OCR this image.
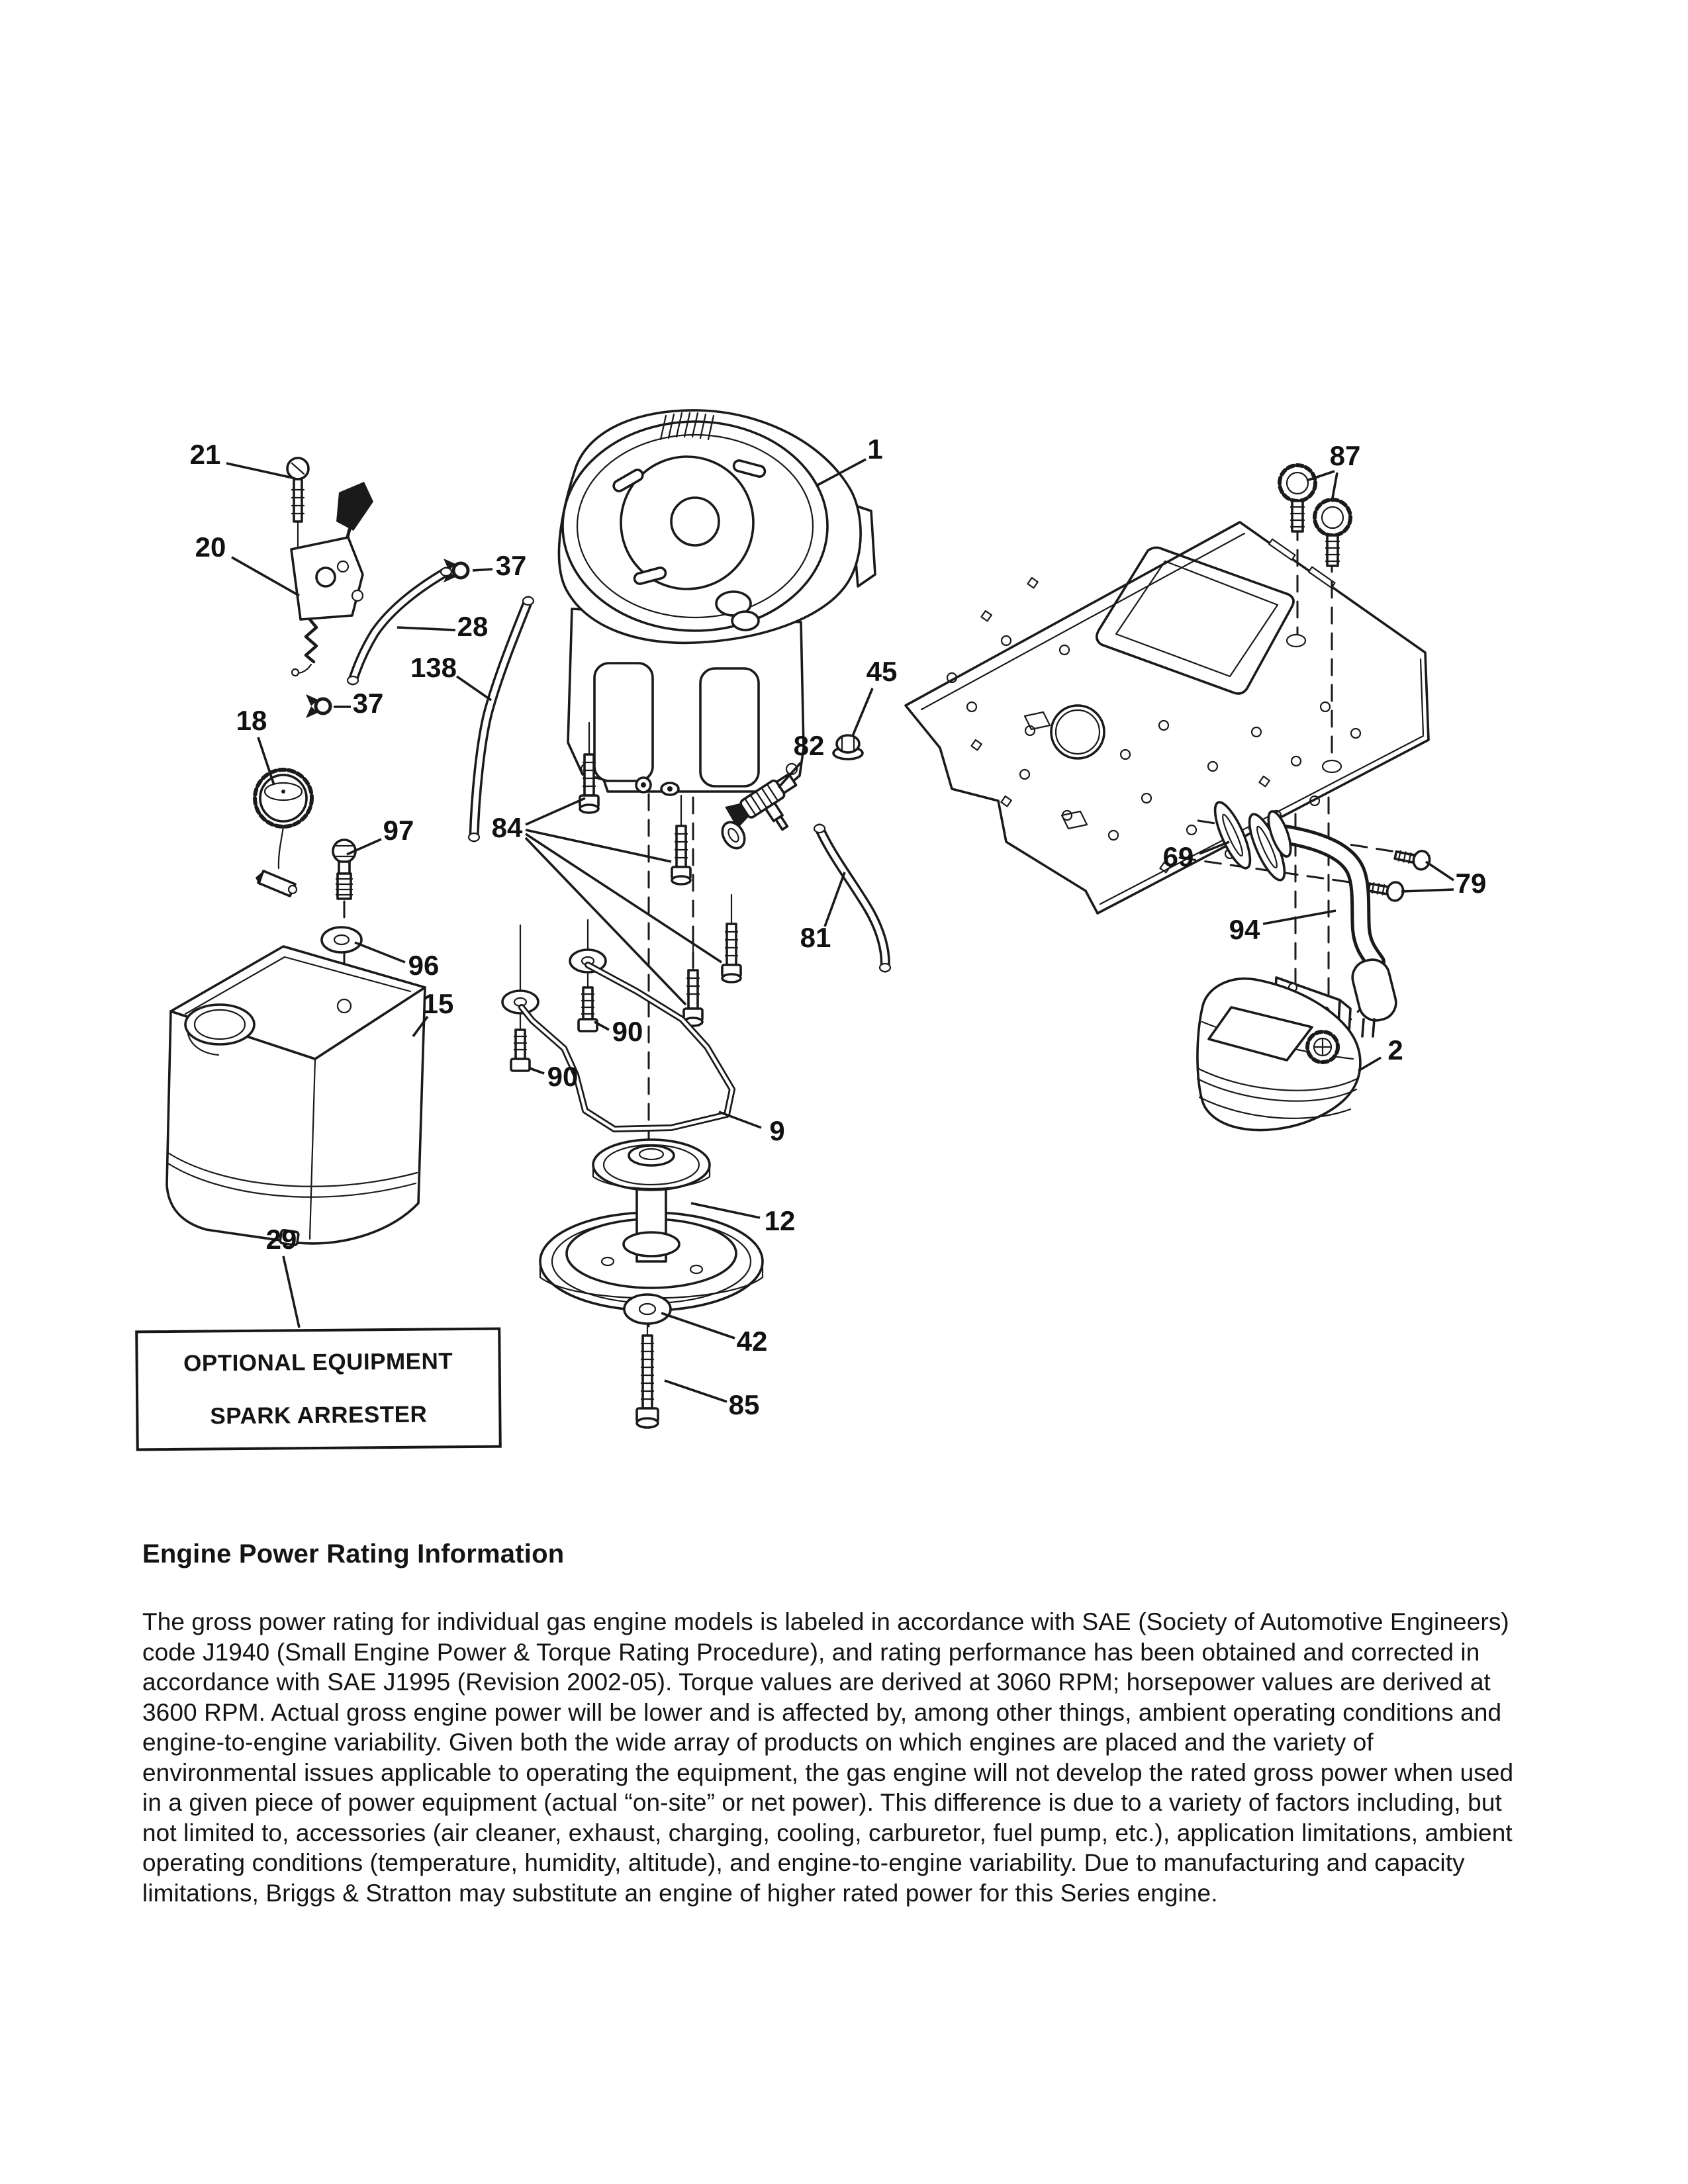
1
21
20
37
28
138
37
18
97
96
15
29
45
82
84
81
90
90
9
12
42
85
87
69
79
94
2
OPTIONAL EQUIPMENT
SPARK ARRESTER
Engine Power Rating Information
The gross power rating for individual gas engine models is labeled in accordance with SAE (Society of Automotive Engineers) code J1940 (Small Engine Power & Torque Rating Procedure), and rating performance has been obtained and corrected in accordance with SAE J1995 (Revision 2002-05). Torque values are derived at 3060 RPM; horsepower values are derived at 3600 RPM. Actual gross engine power will be lower and is affected by, among other things, ambient operating conditions and engine-to-engine variability. Given both the wide array of products on which engines are placed and the variety of environmental issues applicable to operating the equipment, the gas engine will not develop the rated gross power when used in a given piece of power equipment (actual “on-site” or net power). This difference is due to a variety of factors including, but not limited to, accessories (air cleaner, exhaust, charging, cooling, carburetor, fuel pump, etc.), application limitations, ambient operating conditions (temperature, humidity, altitude), and engine-to-engine variability. Due to manufacturing and capacity limitations, Briggs & Stratton may substitute an engine of higher rated power for this Series engine.
